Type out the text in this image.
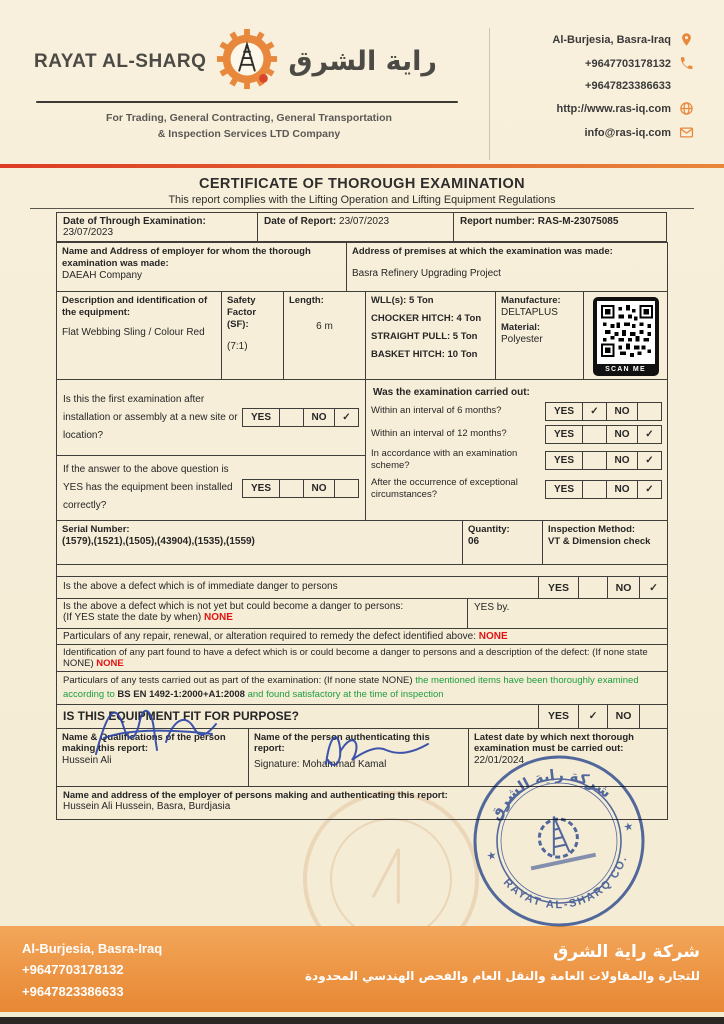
RAYAT AL-SHARQ	راية الشرق
For Trading, General Contracting, General Transportation
& Inspection Services LTD Company
Al-Burjesia, Basra-Iraq
+9647703178132
+9647823386633
http://www.ras-iq.com
info@ras-iq.com
CERTIFICATE OF THOROUGH EXAMINATION
This report complies with the Lifting Operation and Lifting Equipment Regulations
Date of Through Examination: 23/07/2023
Date of Report: 23/07/2023	Report number: RAS-M-23075085
Name and Address of employer for whom the thorough examination was made:
DAEAH Company
Address of premises at which the examination was made:
Basra Refinery Upgrading Project
Description and identification of the equipment:
Flat Webbing Sling / Colour Red
Safety Factor (SF):
(7:1)
Length:
6 m
WLL(s): 5 Ton
CHOCKER HITCH: 4 Ton
STRAIGHT PULL: 5 Ton
BASKET HITCH: 10 Ton
Manufacture:
DELTAPLUS
Material:
Polyester
SCAN ME
Is this the first examination after installation or assembly at a new site or location?
YES	NO	✓
If the answer to the above question is YES has the equipment been installed correctly?
YES	NO
Was the examination carried out:
Within an interval of 6 months?	YES	✓	NO
Within an interval of 12 months?	YES	NO	✓
In accordance with an examination scheme?	YES	NO	✓
After the occurrence of exceptional circumstances?	YES	NO	✓
Serial Number:
(1579),(1521),(1505),(43904),(1535),(1559)
Quantity:
06
Inspection Method:
VT & Dimension check
Is the above a defect which is of immediate danger to persons	YES	NO	✓
Is the above a defect which is not yet but could become a danger to persons:
(If YES state the date by when) NONE
YES by.
Particulars of any repair, renewal, or alteration required to remedy the defect identified above: NONE
Identification of any part found to have a defect which is or could become a danger to persons and a description of the defect: (If none state NONE) NONE
Particulars of any tests carried out as part of the examination: (If none state NONE) the mentioned items have been thoroughly examined according to BS EN 1492-1:2000+A1:2008 and found satisfactory at the time of inspection
IS THIS EQUIPMENT FIT FOR PURPOSE?	YES	✓	NO
Name & Qualifications of the person making this report:
Hussein Ali
Name of the person authenticating this report:
Signature: Mohammad Kamal
Latest date by which next thorough examination must be carried out:
22/01/2024
Name and address of the employer of persons making and authenticating this report:
Hussein Ali Hussein, Basra, Burdjasia	شركة راية الشرق
RAYAT AL-SHARQ CO.
★
★
Al-Burjesia, Basra-Iraq
+9647703178132
+9647823386633
شركة راية الشرق
للتجارة والمقاولات العامة والنقل العام والفحص الهندسي المحدودة
